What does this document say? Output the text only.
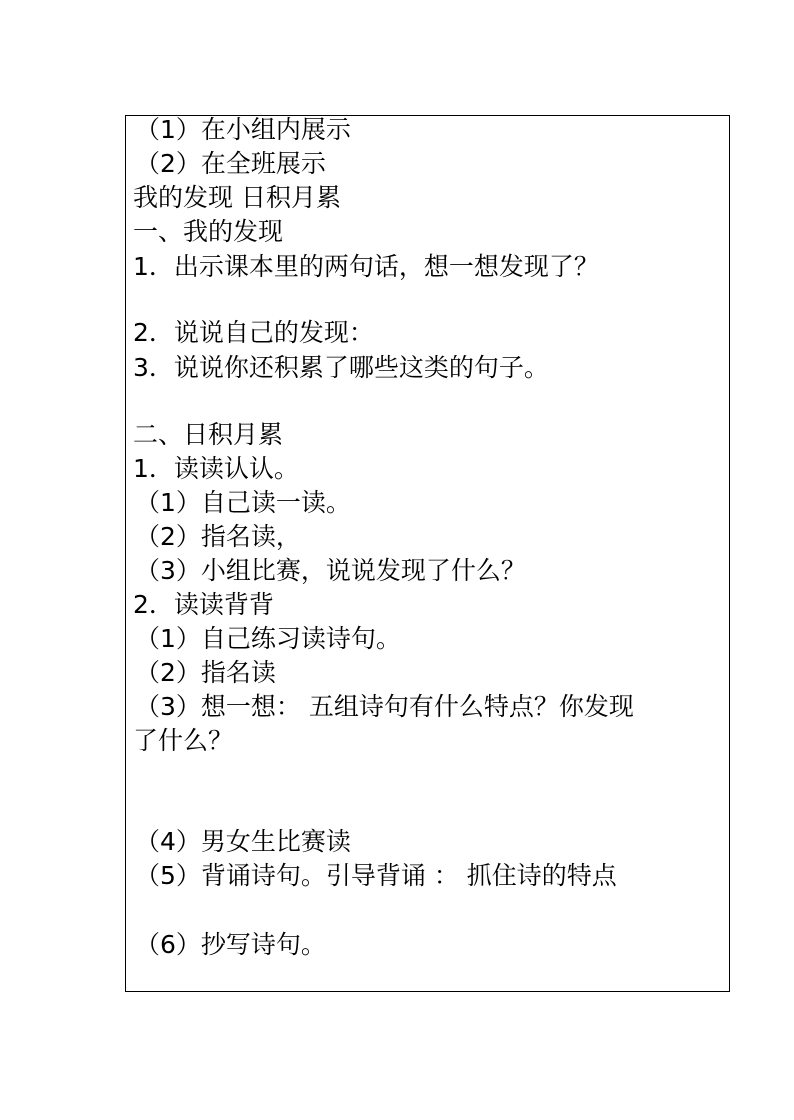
（1）在小组内展示
（2）在全班展示
我的发现 日积月累
一、我的发现
1．出示课本里的两句话，想一想发现了？
2．说说自己的发现：
3．说说你还积累了哪些这类的句子。
二、日积月累
1．读读认认。
（1）自己读一读。
（2）指名读，
（3）小组比赛，说说发现了什么？
2．读读背背
（1）自己练习读诗句。
（2）指名读
（3）想一想： 五组诗句有什么特点？你发现
了什么？
（4）男女生比赛读
（5）背诵诗句。引导背诵 ： 抓住诗的特点
（6）抄写诗句。
